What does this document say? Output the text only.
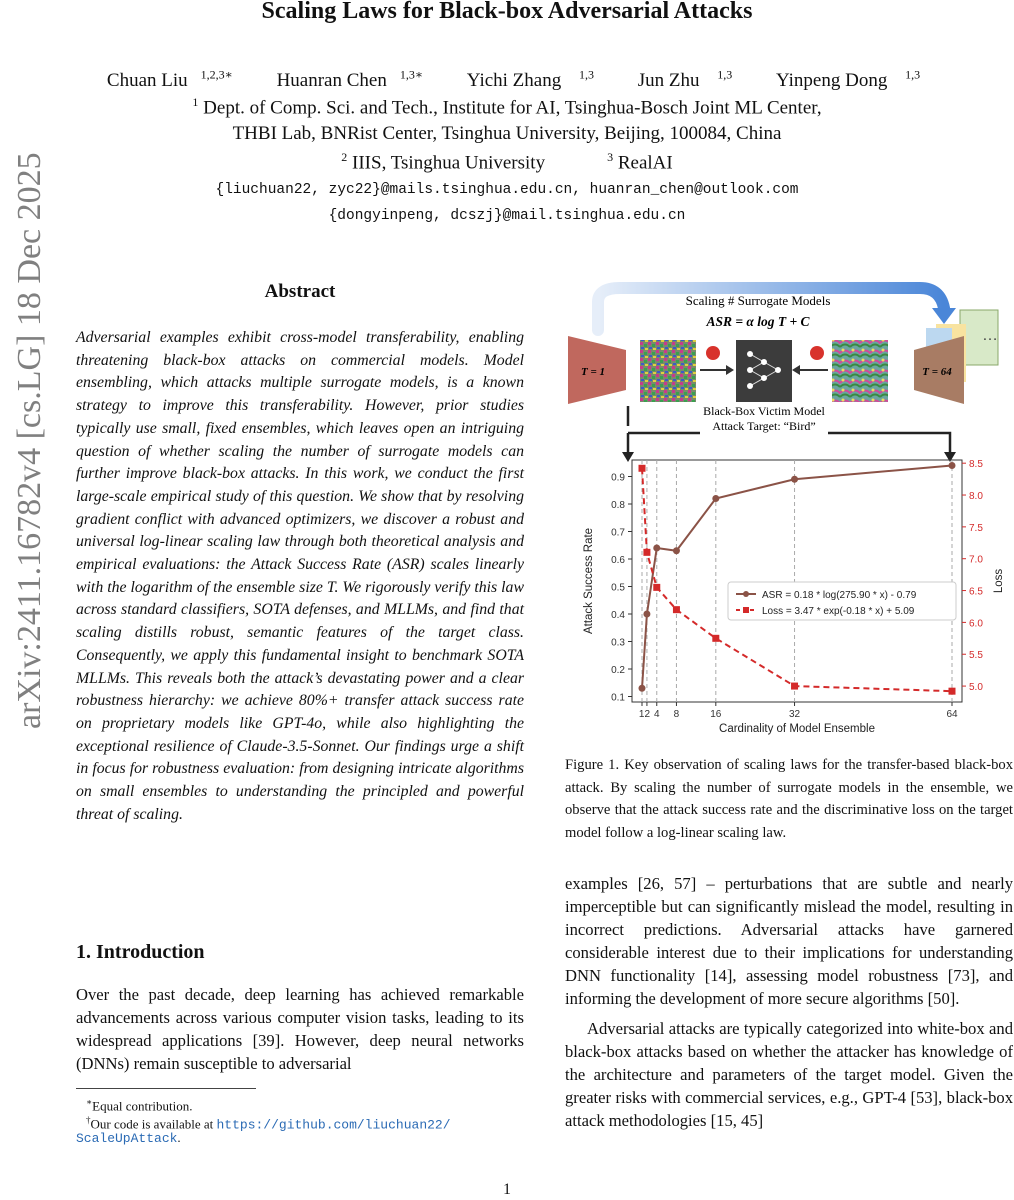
Scaling Laws for Black-box Adversarial Attacks
Chuan Liu $^{1,2,3∗}$ Huanran Chen $^{1,3∗}$ Yichi Zhang $^{1,3}$ Jun Zhu $^{1,3}$ Yinpeng Dong $^{1,3}$
$^1$ Dept. of Comp. Sci. and Tech., Institute for AI, Tsinghua-Bosch Joint ML Center,
THBI Lab, BNRist Center, Tsinghua University, Beijing, 100084, China
$^2$ IIIS, Tsinghua University	$^3$ RealAI
{liuchuan22, zyc22}@mails.tsinghua.edu.cn, huanran_chen@outlook.com
{dongyinpeng, dcszj}@mail.tsinghua.edu.cn
arXiv:2411.16782v4 [cs.LG] 18 Dec 2025	Abstract
Adversarial examples exhibit cross-model transferability, enabling threatening black-box attacks on commercial models. Model ensembling, which attacks multiple surrogate models, is a known strategy to improve this transferability. However, prior studies typically use small, fixed ensembles, which leaves open an intriguing question of whether scaling the number of surrogate models can further improve black-box attacks. In this work, we conduct the first large-scale empirical study of this question. We show that by resolving gradient conflict with advanced optimizers, we discover a robust and universal log-linear scaling law through both theoretical analysis and empirical evaluations: the Attack Success Rate (ASR) scales linearly with the logarithm of the ensemble size T. We rigorously verify this law across standard classifiers, SOTA defenses, and MLLMs, and find that scaling distills robust, semantic features of the target class. Consequently, we apply this fundamental insight to benchmark SOTA MLLMs. This reveals both the attack’s devastating power and a clear robustness hierarchy: we achieve 80%+ transfer attack success rate on proprietary models like GPT-4o, while also highlighting the exceptional resilience of Claude-3.5-Sonnet. Our findings urge a shift in focus for robustness evaluation: from designing intricate algorithms on small ensembles to understanding the principled and powerful threat of scaling.
1. Introduction
Over the past decade, deep learning has achieved remarkable advancements across various computer vision tasks, leading to its widespread applications [39]. However, deep neural networks (DNNs) remain susceptible to adversarial
∗Equal contribution.
†Our code is available at https://github.com/liuchuan22/
ScaleUpAttack.
Scaling # Surrogate Models
ASR = α log T + C
…
T = 1	T = 64
Black-Box Victim Model
Attack Target: “Bird”
0.1
0.2
0.3
0.4
0.5
0.6
0.7
0.8
0.9
5.0
5.5
6.0
6.5
7.0
7.5
8.0
8.5
12 4 8	16	32	64
Cardinality of Model Ensemble
Attack Success Rate	Loss
ASR = 0.18 * log(275.90 * x) - 0.79
Loss = 3.47 * exp(-0.18 * x) + 5.09
Figure 1. Key observation of scaling laws for the transfer-based black-box attack. By scaling the number of surrogate models in the ensemble, we observe that the attack success rate and the discriminative loss on the target model follow a log-linear scaling law.

examples [26, 57] – perturbations that are subtle and nearly imperceptible but can significantly mislead the model, resulting in incorrect predictions. Adversarial attacks have garnered considerable interest due to their implications for understanding DNN functionality [14], assessing model robustness [73], and informing the development of more secure algorithms [50].

Adversarial attacks are typically categorized into white-box and black-box attacks based on whether the attacker has knowledge of the architecture and parameters of the target model. Given the greater risks with commercial services, e.g., GPT-4 [53], black-box attack methodologies [15, 45]

1
